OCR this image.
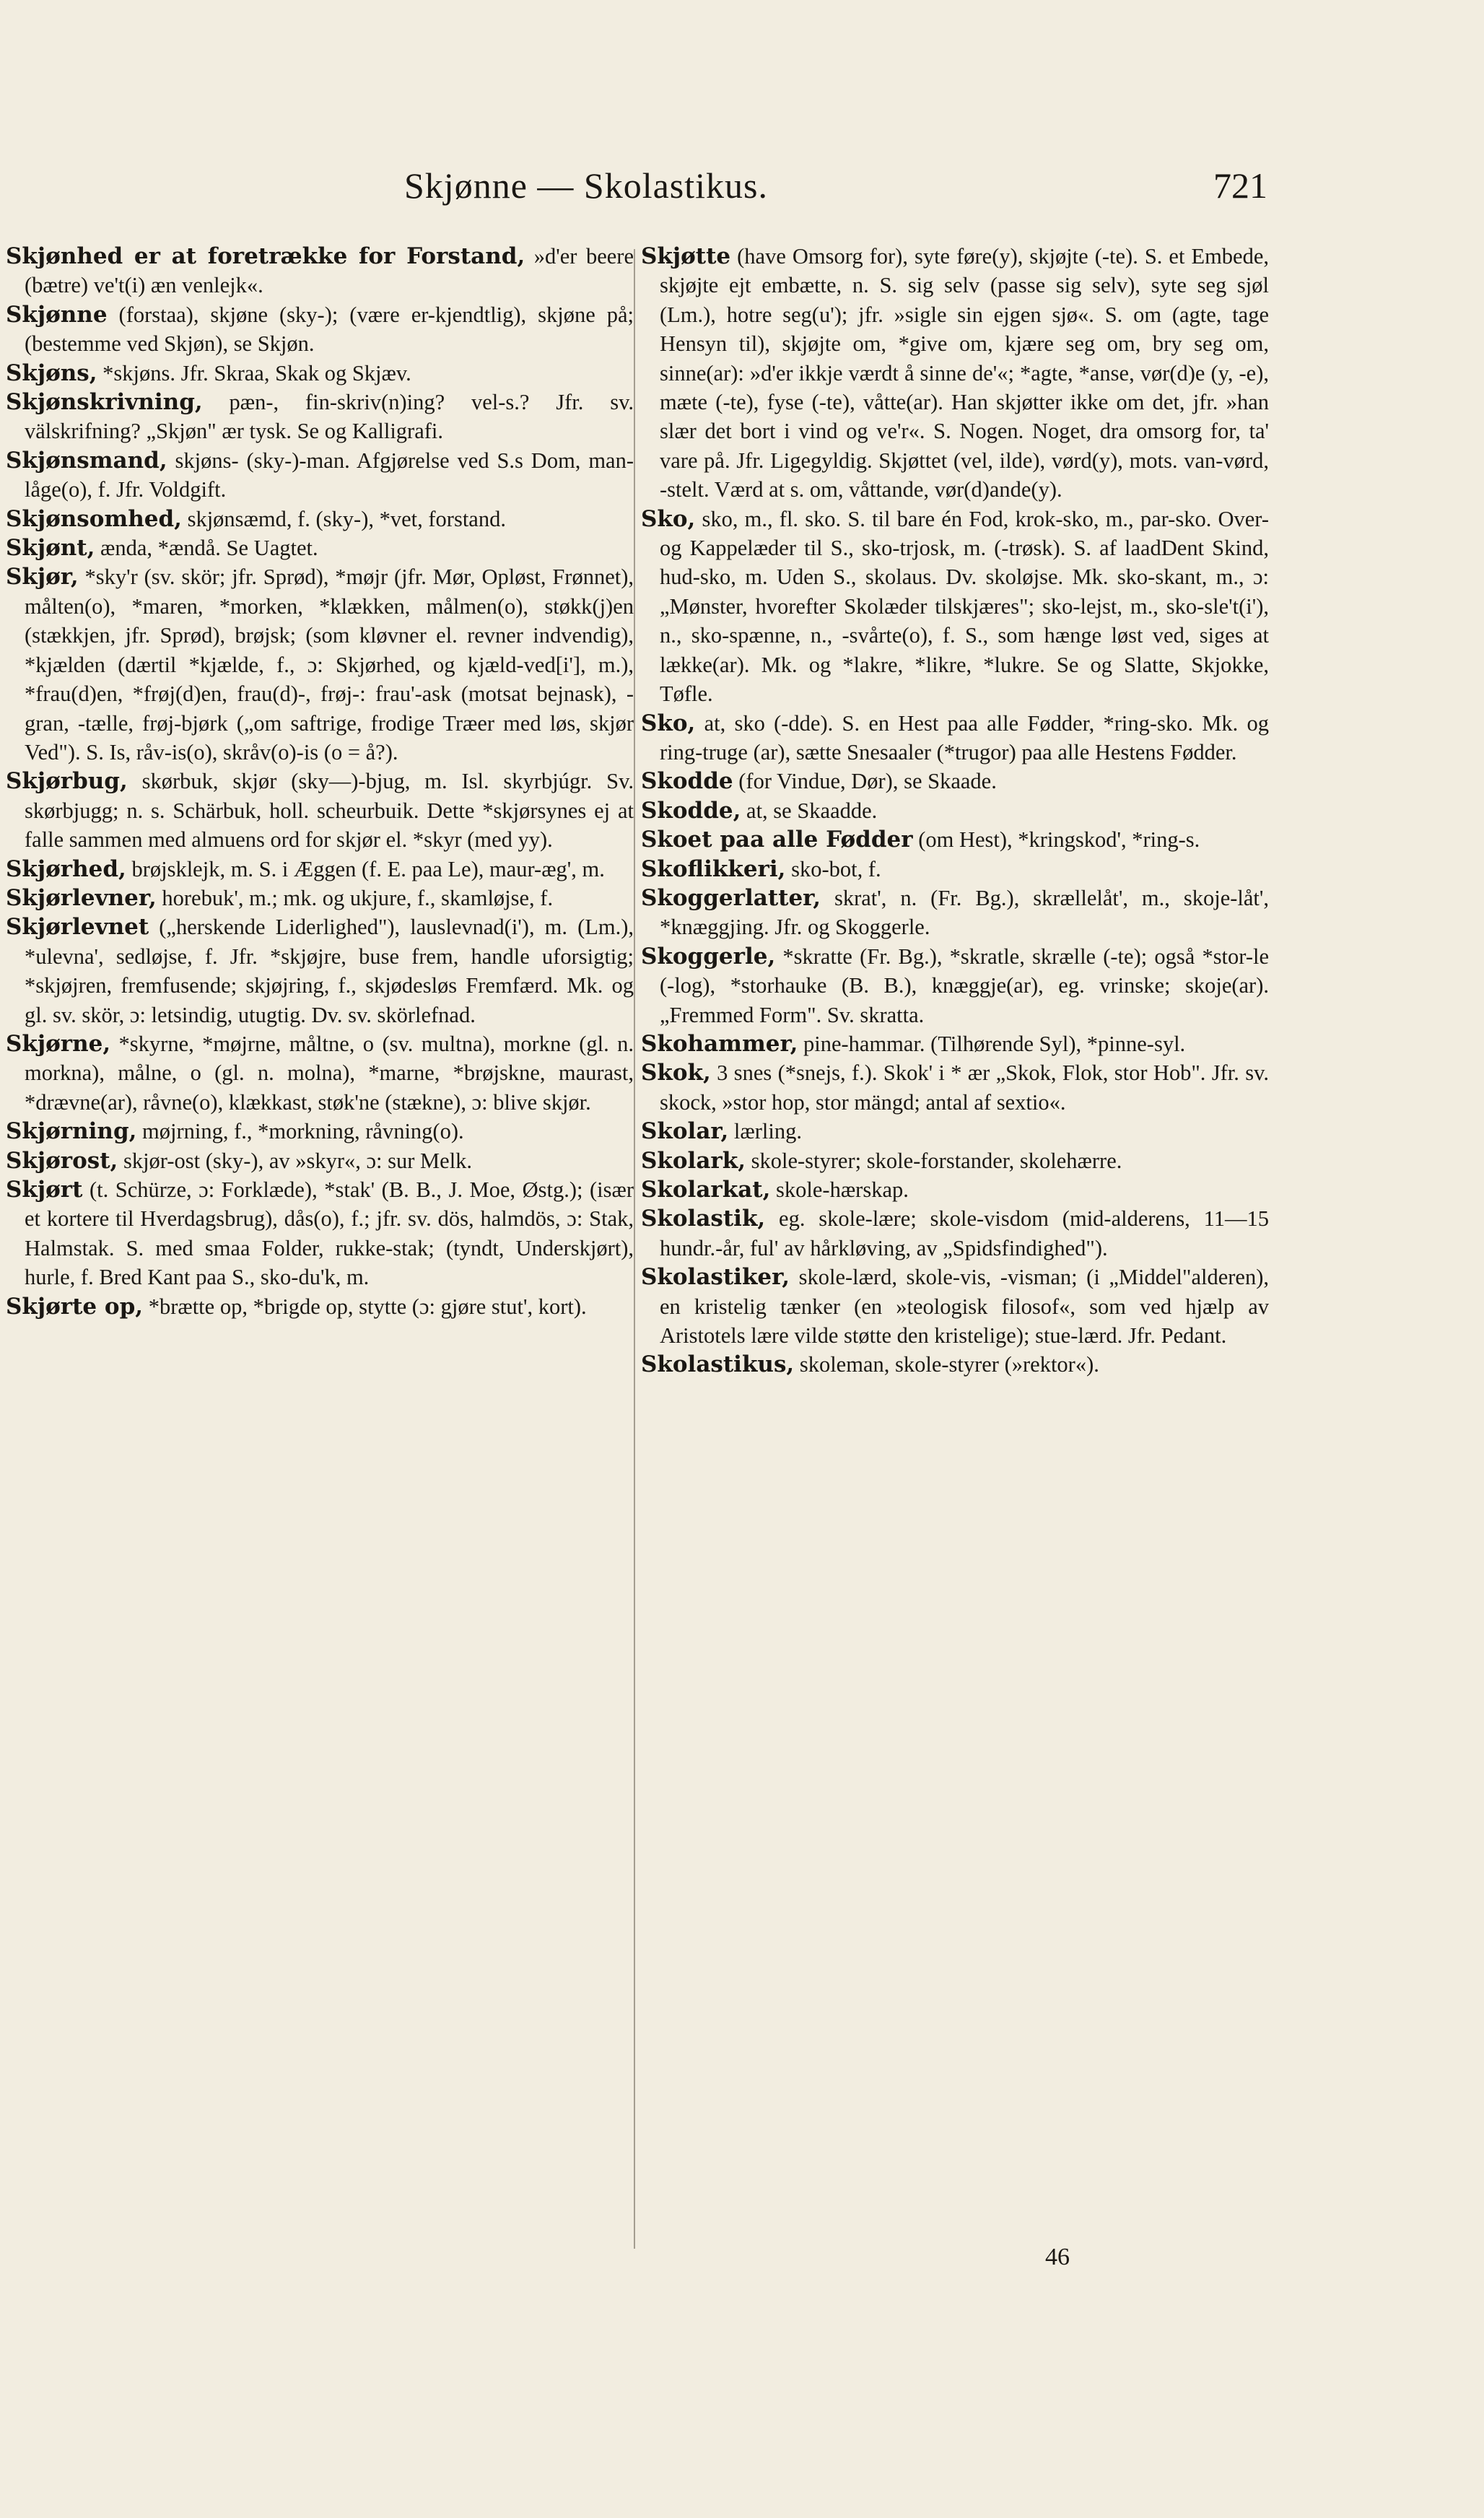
Skjønne — Skolastikus.	721
Skjønhed er at foretrække for Forstand, »d'er beere (bætre) ve't(i) æn venlejk«.
Skjønne (forstaa), skjøne (sky-); (være er-kjendtlig), skjøne på; (bestemme ved Skjøn), se Skjøn.
Skjøns, *skjøns. Jfr. Skraa, Skak og Skjæv.
Skjønskrivning, pæn-, fin-skriv(n)ing? vel-s.? Jfr. sv. välskrifning? „Skjøn" ær tysk. Se og Kalligrafi.
Skjønsmand, skjøns- (sky-)-man. Afgjørelse ved S.s Dom, man-låge(o), f. Jfr. Voldgift.
Skjønsomhed, skjønsæmd, f. (sky-), *vet, forstand.
Skjønt, ænda, *ændå. Se Uagtet.
Skjør, *sky'r (sv. skör; jfr. Sprød), *møjr (jfr. Mør, Opløst, Frønnet), målten(o), *maren, *morken, *klækken, målmen(o), støkk(j)en (stækkjen, jfr. Sprød), brøjsk; (som kløvner el. revner indvendig), *kjælden (dærtil *kjælde, f., ɔ: Skjørhed, og kjæld-ved[i'], m.), *frau(d)en, *frøj(d)en, frau(d)-, frøj-: frau'-ask (motsat bejnask), -gran, -tælle, frøj-bjørk („om saftrige, frodige Træer med løs, skjør Ved"). S. Is, råv-is(o), skråv(o)-is (o = å?).
Skjørbug, skørbuk, skjør (sky—)-bjug, m. Isl. skyrbjúgr. Sv. skørbjugg; n. s. Schärbuk, holl. scheurbuik. Dette *skjørsynes ej at falle sammen med almuens ord for skjør el. *skyr (med yy).
Skjørhed, brøjsklejk, m. S. i Æggen (f. E. paa Le), maur-æg', m.
Skjørlevner, horebuk', m.; mk. og ukjure, f., skamløjse, f.
Skjørlevnet („herskende Liderlighed"), lauslevnad(i'), m. (Lm.), *ulevna', sedløjse, f. Jfr. *skjøjre, buse frem, handle uforsigtig; *skjøjren, fremfusende; skjøjring, f., skjødesløs Fremfærd. Mk. og gl. sv. skör, ɔ: letsindig, utugtig. Dv. sv. skörlefnad.
Skjørne, *skyrne, *møjrne, måltne, o (sv. multna), morkne (gl. n. morkna), målne, o (gl. n. molna), *marne, *brøjskne, maurast, *drævne(ar), råvne(o), klækkast, støk'ne (stækne), ɔ: blive skjør.
Skjørning, møjrning, f., *morkning, råvning(o).
Skjørost, skjør-ost (sky-), av »skyr«, ɔ: sur Melk.
Skjørt (t. Schürze, ɔ: Forklæde), *stak' (B. B., J. Moe, Østg.); (især et kortere til Hverdagsbrug), dås(o), f.; jfr. sv. dös, halmdös, ɔ: Stak, Halmstak. S. med smaa Folder, rukke-stak; (tyndt, Underskjørt), hurle, f. Bred Kant paa S., sko-du'k, m.
Skjørte op, *brætte op, *brigde op, stytte (ɔ: gjøre stut', kort).
Skjøtte (have Omsorg for), syte føre(y), skjøjte (-te). S. et Embede, skjøjte ejt embætte, n. S. sig selv (passe sig selv), syte seg sjøl (Lm.), hotre seg(u'); jfr. »sigle sin ejgen sjø«. S. om (agte, tage Hensyn til), skjøjte om, *give om, kjære seg om, bry seg om, sinne(ar): »d'er ikkje værdt å sinne de'«; *agte, *anse, vør(d)e (y, -e), mæte (-te), fyse (-te), våtte(ar). Han skjøtter ikke om det, jfr. »han slær det bort i vind og ve'r«. S. Nogen. Noget, dra omsorg for, ta' vare på. Jfr. Ligegyldig. Skjøttet (vel, ilde), vørd(y), mots. van-vørd, -stelt. Værd at s. om, våttande, vør(d)ande(y).
Sko, sko, m., fl. sko. S. til bare én Fod, krok-sko, m., par-sko. Over- og Kappelæder til S., sko-trjosk, m. (-trøsk). S. af laadDent Skind, hud-sko, m. Uden S., skolaus. Dv. skoløjse. Mk. sko-skant, m., ɔ: „Mønster, hvorefter Skolæder tilskjæres"; sko-lejst, m., sko-sle't(i'), n., sko-spænne, n., -svårte(o), f. S., som hænge løst ved, siges at lække(ar). Mk. og *lakre, *likre, *lukre. Se og Slatte, Skjokke, Tøfle.
Sko, at, sko (-dde). S. en Hest paa alle Fødder, *ring-sko. Mk. og ring-truge (ar), sætte Snesaaler (*trugor) paa alle Hestens Fødder.
Skodde (for Vindue, Dør), se Skaade.
Skodde, at, se Skaadde.
Skoet paa alle Fødder (om Hest), *kringskod', *ring-s.
Skoflikkeri, sko-bot, f.
Skoggerlatter, skrat', n. (Fr. Bg.), skrællelåt', m., skoje-låt', *knæggjing. Jfr. og Skoggerle.
Skoggerle, *skratte (Fr. Bg.), *skratle, skrælle (-te); også *stor-le (-log), *storhauke (B. B.), knæggje(ar), eg. vrinske; skoje(ar). „Fremmed Form". Sv. skratta.
Skohammer, pine-hammar. (Tilhørende Syl), *pinne-syl.
Skok, 3 snes (*snejs, f.). Skok' i * ær „Skok, Flok, stor Hob". Jfr. sv. skock, »stor hop, stor mängd; antal af sextio«.
Skolar, lærling.
Skolark, skole-styrer; skole-forstander, skolehærre.
Skolarkat, skole-hærskap.
Skolastik, eg. skole-lære; skole-visdom (mid-alderens, 11—15 hundr.-år, ful' av hårkløving, av „Spidsfindighed").
Skolastiker, skole-lærd, skole-vis, -visman; (i „Middel"alderen), en kristelig tænker (en »teologisk filosof«, som ved hjælp av Aristotels lære vilde støtte den kristelige); stue-lærd. Jfr. Pedant.
Skolastikus, skoleman, skole-styrer (»rektor«).
46
